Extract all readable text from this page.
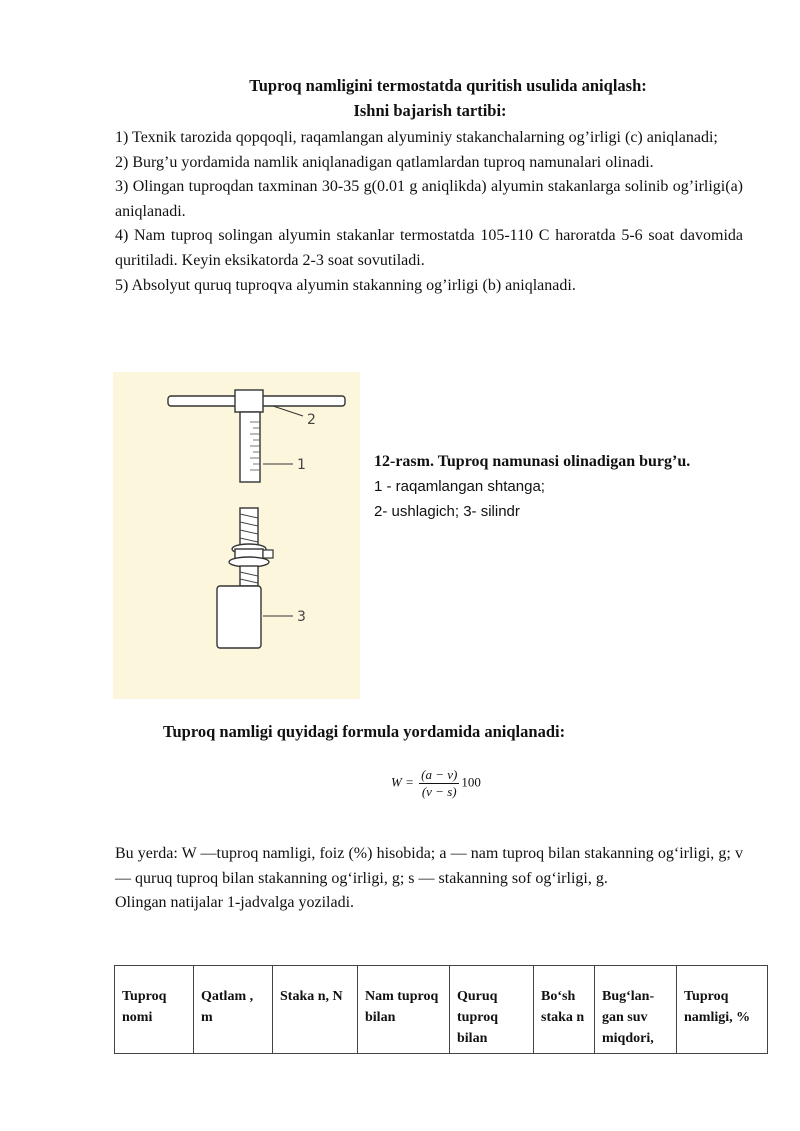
Tuproq namligini termostatda quritish usulida aniqlash:
Ishni bajarish tartibi:

1) Texnik tarozida qopqoqli, raqamlangan alyuminiy stakanchalarning og’irligi (c) aniqlanadi;

2) Burg’u yordamida namlik aniqlanadigan qatlamlardan tuproq namunalari olinadi.

3) Olingan tuproqdan taxminan 30-35 g(0.01 g aniqlikda) alyumin stakanlarga solinib og’irligi(a) aniqlanadi.

4) Nam tuproq solingan alyumin stakanlar termostatda 105-110 C haroratda 5-6 soat davomida quritiladi. Keyin eksikatorda 2-3 soat sovutiladi.

5) Absolyut quruq tuproqva alyumin stakanning og’irligi (b) aniqlanadi.

2
1
3
12-rasm. Tuproq namunasi olinadigan burg’u.
1 - raqamlangan shtanga;
2- ushlagich; 3- silindr
Tuproq namligi quyidagi formula yordamida aniqlanadi:
$W = \frac{(a - v)}{(v - s)} 100$

Bu yerda: W —tuproq namligi, foiz (%) hisobida; a — nam tuproq bilan stakanning og‘irligi, g; v — quruq tuproq bilan stakanning og‘irligi, g; s — stakanning sof og‘irligi, g.

Olingan natijalar 1-jadvalga yoziladi.

Tuproq nomi	Qatlam , m	Staka n, N	Nam tuproq bilan	Quruq tuproq bilan	Bo‘sh staka n	Bug‘lan-gan suv miqdori,	Tuproq namligi, %
